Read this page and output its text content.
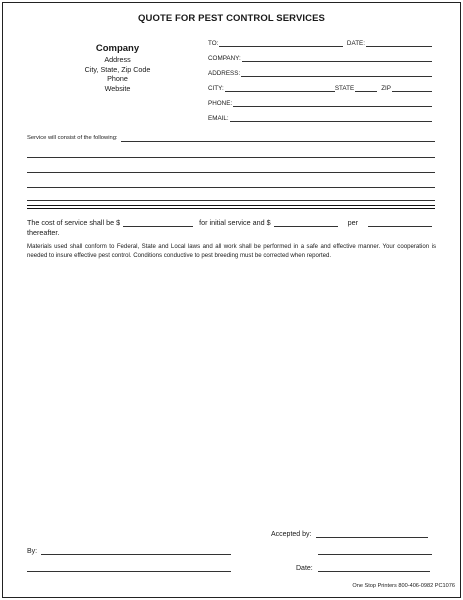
QUOTE FOR PEST CONTROL SERVICES
Company
Address
City, State, Zip Code
Phone
Website
TO:	DATE:
COMPANY:
ADDRESS:
CITY:	STATE	ZIP
PHONE:
EMAIL:
Service will consist of the following:
The cost of service shall be $	for initial service and $	per
thereafter.
Materials used shall conform to Federal, State and Local laws and all work shall be performed in a safe and effective manner. Your cooperation is needed to insure effective pest control. Conditions conductive to pest breeding must be corrected when reported.
Accepted by:
By:
Date:
One Stop Printers 800-406-0982 PC1076
